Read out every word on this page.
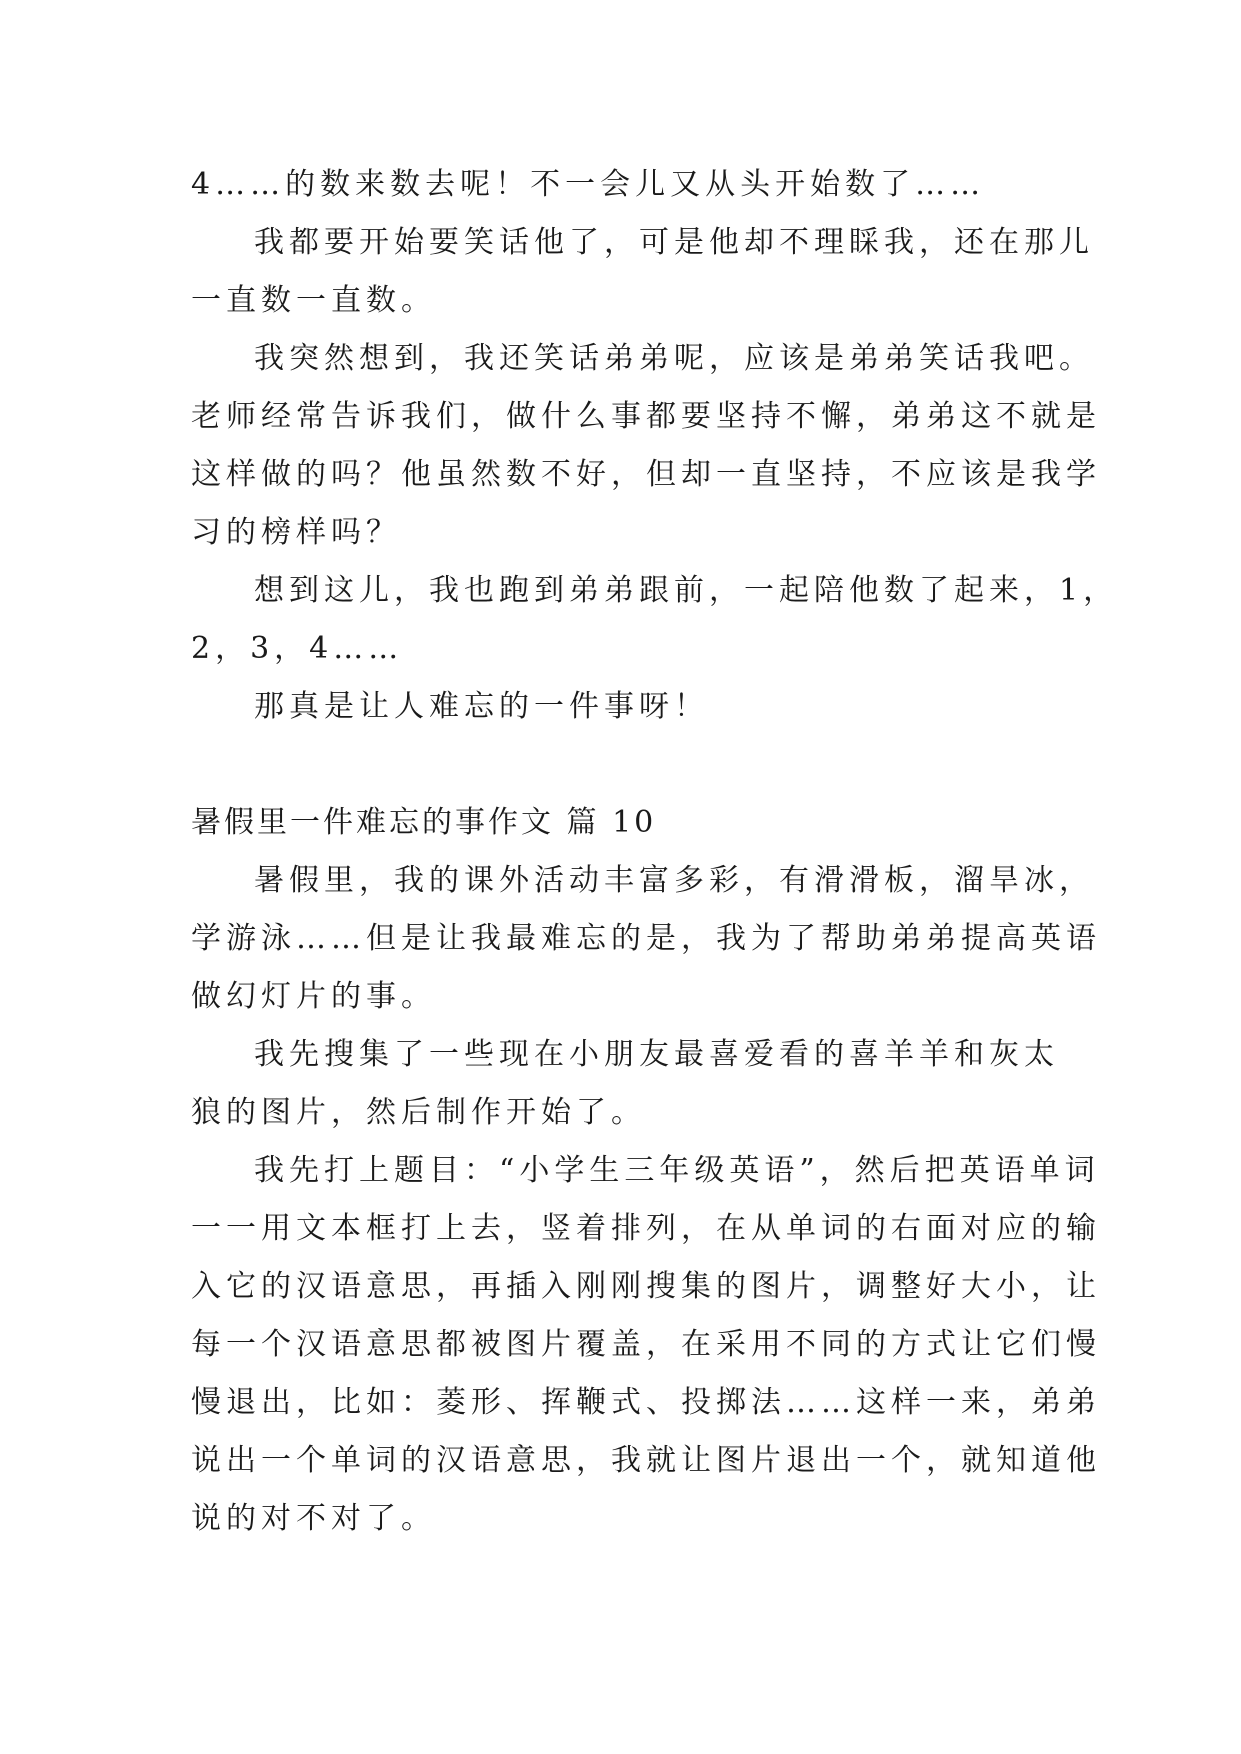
4……的数来数去呢！不一会儿又从头开始数了……
我都要开始要笑话他了，可是他却不理睬我，还在那儿
一直数一直数。
我突然想到，我还笑话弟弟呢，应该是弟弟笑话我吧。
老师经常告诉我们，做什么事都要坚持不懈，弟弟这不就是
这样做的吗？他虽然数不好，但却一直坚持，不应该是我学
习的榜样吗？
想到这儿，我也跑到弟弟跟前，一起陪他数了起来，1，
2，3，4……
那真是让人难忘的一件事呀！
暑假里一件难忘的事作文 篇 10
暑假里，我的课外活动丰富多彩，有滑滑板，溜旱冰，
学游泳……但是让我最难忘的是，我为了帮助弟弟提高英语
做幻灯片的事。
我先搜集了一些现在小朋友最喜爱看的喜羊羊和灰太
狼的图片，然后制作开始了。
我先打上题目：“小学生三年级英语”，然后把英语单词
一一用文本框打上去，竖着排列，在从单词的右面对应的输
入它的汉语意思，再插入刚刚搜集的图片，调整好大小，让
每一个汉语意思都被图片覆盖，在采用不同的方式让它们慢
慢退出，比如：菱形、挥鞭式、投掷法……这样一来，弟弟
说出一个单词的汉语意思，我就让图片退出一个，就知道他
说的对不对了。
